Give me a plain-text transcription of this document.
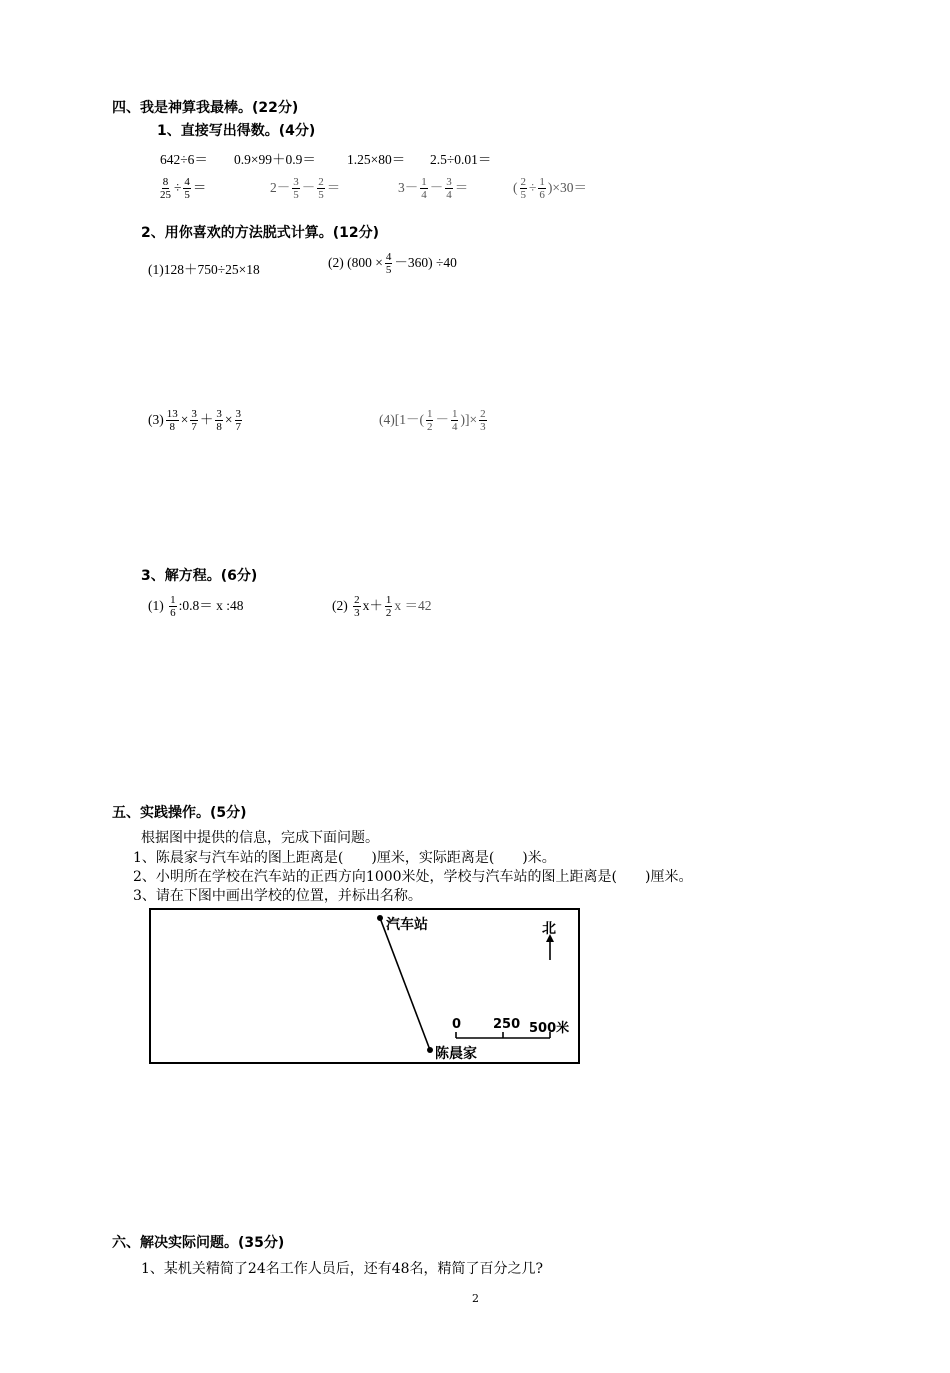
四、我是神算我最棒。(22分)
1、直接写出得数。(4分)
642÷6＝ 0.9×99＋0.9＝ 1.25×80＝ 2.5÷0.01＝
$\frac{8}{25} \div \frac{4}{5}$ ＝	$2- \frac{3}{5} - \frac{2}{5}$ ＝	$3- \frac{1}{4} - \frac{3}{4}$ ＝	( $\frac{2}{5} \div \frac{1}{6} )\times 30=$
2、用你喜欢的方法脱式计算。(12分)
(1)128＋750÷25×18	(2) $(800 \times \frac{4}{5} -360) \div 40$
$(3) \frac{13}{8} \times \frac{3}{7} + \frac{3}{8} \times \frac{3}{7}$	$(4)[1-( \frac{1}{2} - \frac{1}{4}$ )]× $\frac{2}{3}$
3、解方程。(6分)
$(1) \frac{1}{6}$ :0.8＝ x :48	$(2) \frac{2}{3} x+ \frac{1}{2}$ x ＝42
五、实践操作。(5分)
根据图中提供的信息，完成下面问题。
1、陈晨家与汽车站的图上距离是(　　)厘米，实际距离是(　　)米。
2、小明所在学校在汽车站的正西方向1000米处，学校与汽车站的图上距离是(　　)厘米。
3、请在下图中画出学校的位置，并标出名称。
汽车站
陈晨家
北
0 250 500米
六、解决实际问题。(35分)
1、某机关精简了24名工作人员后，还有48名，精简了百分之几?
2
